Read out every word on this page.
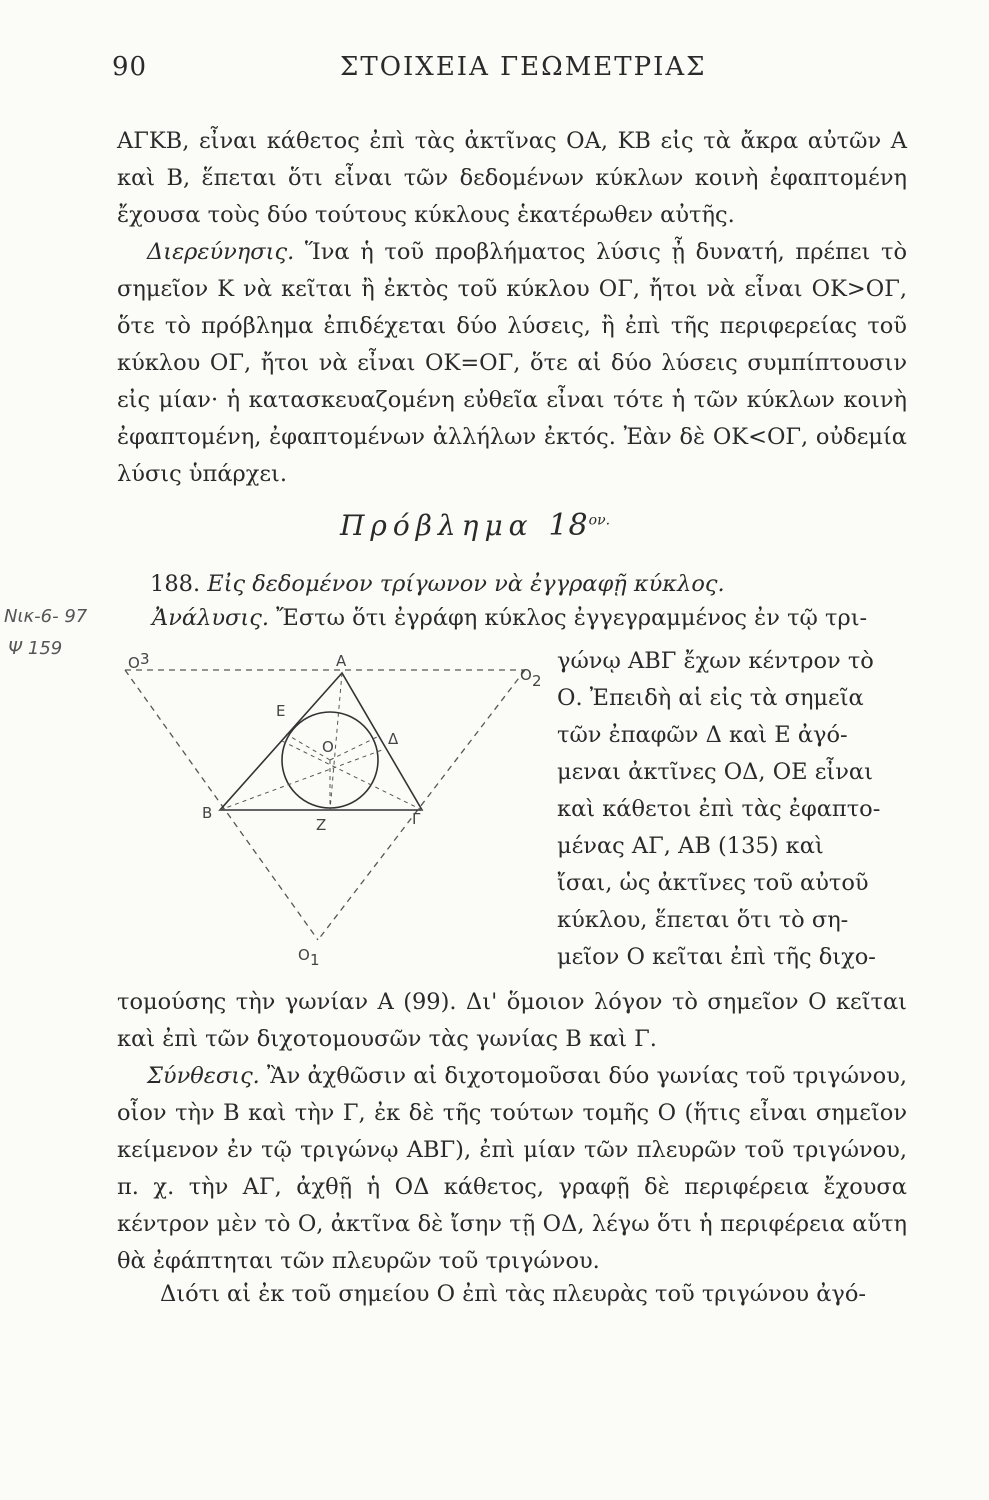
90	ΣΤΟΙΧΕΙΑ ΓΕΩΜΕΤΡΙΑΣ

ΑΓΚΒ, εἶναι κάθετος ἐπὶ τὰς ἀκτῖνας ΟΑ, ΚΒ εἰς τὰ ἄκρα αὐτῶν Α καὶ Β, ἕπεται ὅτι εἶναι τῶν δεδομένων κύκλων κοινὴ ἐφαπτομένη ἔχουσα τοὺς δύο τούτους κύκλους ἑκατέρωθεν αὐτῆς.

Διερεύνησις. Ἵνα ἡ τοῦ προβλήματος λύσις ᾖ δυνατή, πρέπει τὸ σημεῖον Κ νὰ κεῖται ἢ ἐκτὸς τοῦ κύκλου ΟΓ, ἤτοι νὰ εἶναι ΟΚ>ΟΓ, ὅτε τὸ πρόβλημα ἐπιδέχεται δύο λύσεις, ἢ ἐπὶ τῆς περιφερείας τοῦ κύκλου ΟΓ, ἤτοι νὰ εἶναι ΟΚ=ΟΓ, ὅτε αἱ δύο λύσεις συμπίπτουσιν εἰς μίαν· ἡ κατασκευαζομένη εὐθεῖα εἶναι τότε ἡ τῶν κύκλων κοινὴ ἐφαπτομένη, ἐφαπτομένων ἀλλήλων ἐκτός. Ἐὰν δὲ ΟΚ<ΟΓ, οὐδεμία λύσις ὑπάρχει.

Πρόβλημα $18^{o\nu.}$
188. Εἰς δεδομένον τρίγωνον νὰ ἐγγραφῇ κύκλος.
Ἀνάλυσις. Ἔστω ὅτι ἐγράφη κύκλος ἐγγεγραμμένος ἐν τῷ τρι-
Νικ-6- 97
Ψ 159
A
B	Γ
O	Δ
E
Z
O 1
O 2
O 3	γώνῳ ΑΒΓ ἔχων κέντρον τὸ
Ο. Ἐπειδὴ αἱ εἰς τὰ σημεῖα
τῶν ἐπαφῶν Δ καὶ Ε ἀγό-
μεναι ἀκτῖνες ΟΔ, ΟΕ εἶναι
καὶ κάθετοι ἐπὶ τὰς ἐφαπτο-
μένας ΑΓ, ΑΒ (135) καὶ
ἴσαι, ὡς ἀκτῖνες τοῦ αὐτοῦ
κύκλου, ἕπεται ὅτι τὸ ση-
μεῖον Ο κεῖται ἐπὶ τῆς διχο-

τομούσης τὴν γωνίαν Α (99). Δι' ὅμοιον λόγον τὸ σημεῖον Ο κεῖται καὶ ἐπὶ τῶν διχοτομουσῶν τὰς γωνίας Β καὶ Γ.

Σύνθεσις. Ἂν ἀχθῶσιν αἱ διχοτομοῦσαι δύο γωνίας τοῦ τριγώνου, οἷον τὴν Β καὶ τὴν Γ, ἐκ δὲ τῆς τούτων τομῆς Ο (ἥτις εἶναι σημεῖον κείμενον ἐν τῷ τριγώνῳ ΑΒΓ), ἐπὶ μίαν τῶν πλευρῶν τοῦ τριγώνου, π. χ. τὴν ΑΓ, ἀχθῇ ἡ ΟΔ κάθετος, γραφῇ δὲ περιφέρεια ἔχουσα κέντρον μὲν τὸ Ο, ἀκτῖνα δὲ ἴσην τῇ ΟΔ, λέγω ὅτι ἡ περιφέρεια αὕτη θὰ ἐφάπτηται τῶν πλευρῶν τοῦ τριγώνου.

Διότι αἱ ἐκ τοῦ σημείου Ο ἐπὶ τὰς πλευρὰς τοῦ τριγώνου ἀγό-
